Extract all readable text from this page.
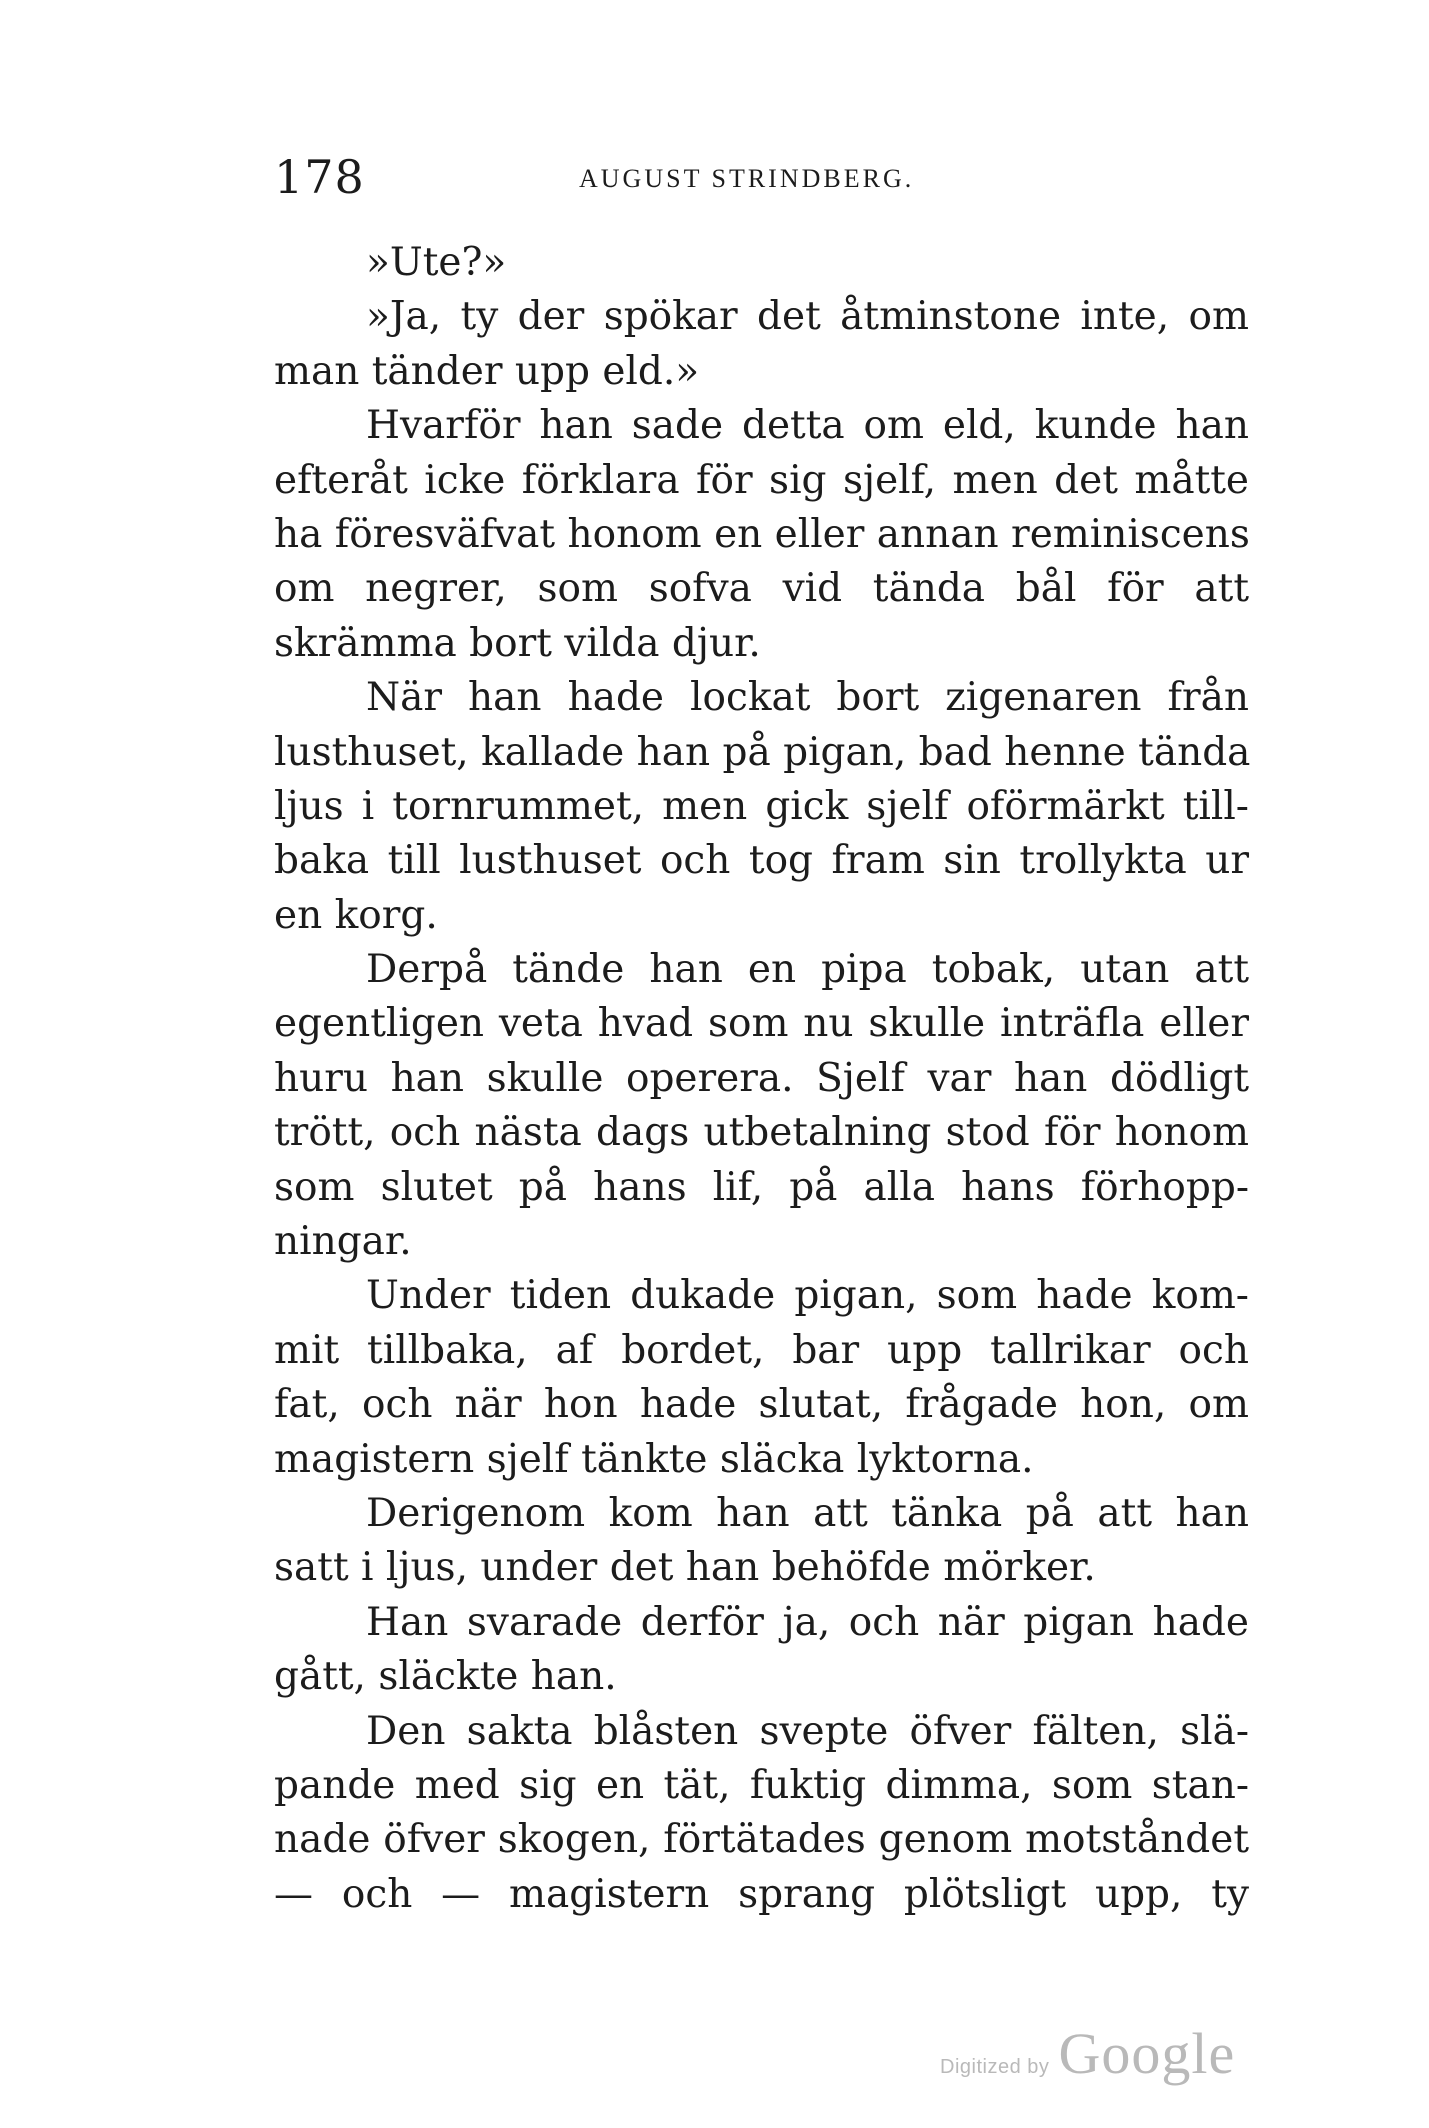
178	AUGUST STRINDBERG.
»Ute?»
»Ja, ty der spökar det åtminstone inte, om
man tänder upp eld.»
Hvarför han sade detta om eld, kunde han
efteråt icke förklara för sig sjelf, men det måtte
ha föresväfvat honom en eller annan reminiscens
om negrer, som sofva vid tända bål för att
skrämma bort vilda djur.
När han hade lockat bort zigenaren från
lusthuset, kallade han på pigan, bad henne tända
ljus i tornrummet, men gick sjelf oförmärkt till-
baka till lusthuset och tog fram sin trollykta ur
en korg.
Derpå tände han en pipa tobak, utan att
egentligen veta hvad som nu skulle inträfla eller
huru han skulle operera. Sjelf var han dödligt
trött, och nästa dags utbetalning stod för honom
som slutet på hans lif, på alla hans förhopp-
ningar.
Under tiden dukade pigan, som hade kom-
mit tillbaka, af bordet, bar upp tallrikar och
fat, och när hon hade slutat, frågade hon, om
magistern sjelf tänkte släcka lyktorna.
Derigenom kom han att tänka på att han
satt i ljus, under det han behöfde mörker.
Han svarade derför ja, och när pigan hade
gått, släckte han.
Den sakta blåsten svepte öfver fälten, slä-
pande med sig en tät, fuktig dimma, som stan-
nade öfver skogen, förtätades genom motståndet
— och — magistern sprang plötsligt upp, ty
Digitized by Google
